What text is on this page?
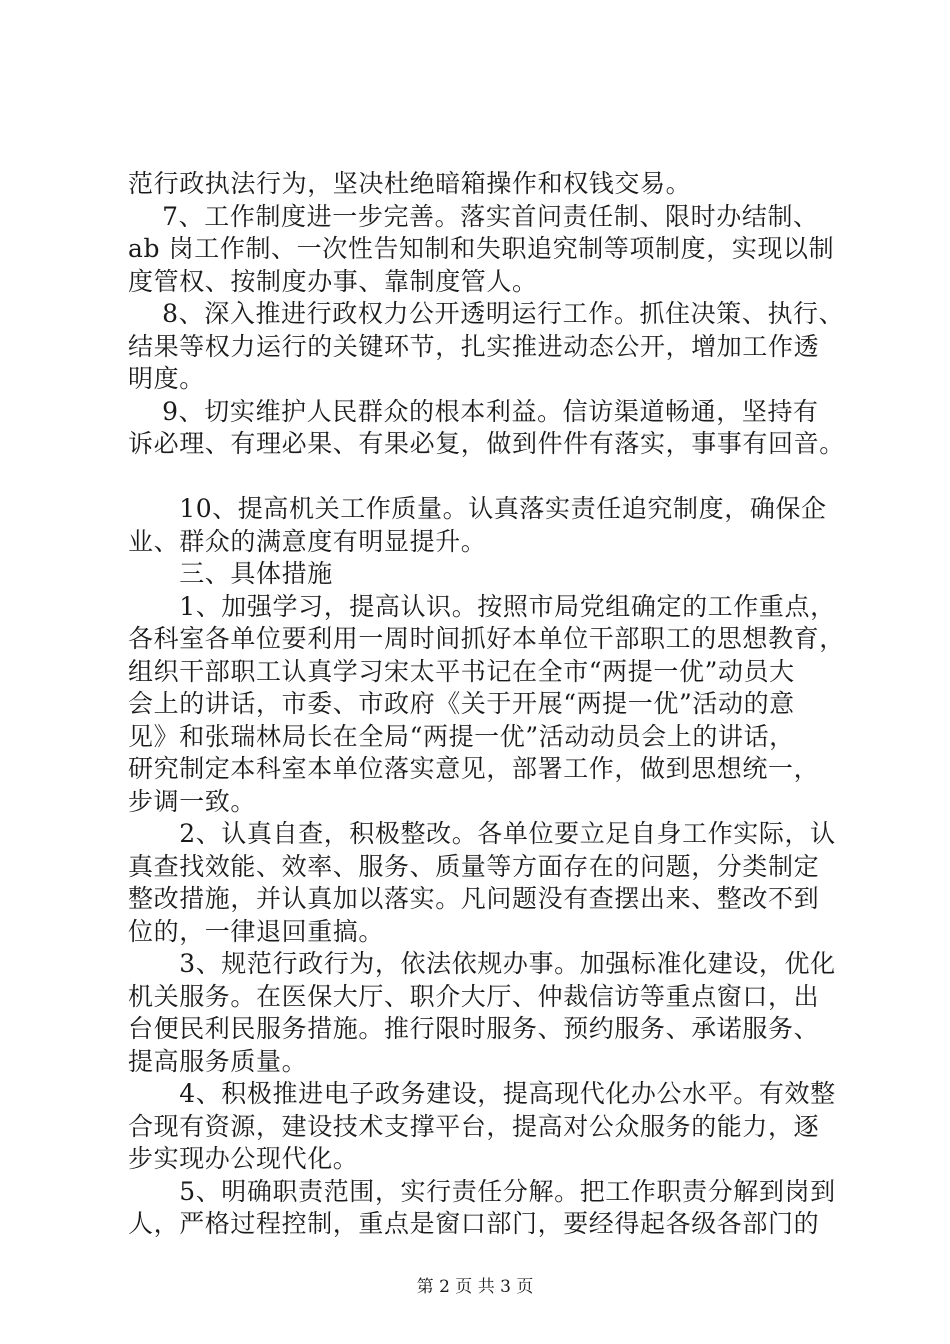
范行政执法行为，坚决杜绝暗箱操作和权钱交易。
　 7、工作制度进一步完善。落实首问责任制、限时办结制、
ab 岗工作制、一次性告知制和失职追究制等项制度，实现以制
度管权、按制度办事、靠制度管人。
　 8、深入推进行政权力公开透明运行工作。抓住决策、执行、
结果等权力运行的关键环节，扎实推进动态公开，增加工作透
明度。
　 9、切实维护人民群众的根本利益。信访渠道畅通，坚持有
诉必理、有理必果、有果必复，做到件件有落实，事事有回音。
　　10、提高机关工作质量。认真落实责任追究制度，确保企
业、群众的满意度有明显提升。
　　三、具体措施
　　1、加强学习，提高认识。按照市局党组确定的工作重点，
各科室各单位要利用一周时间抓好本单位干部职工的思想教育，
组织干部职工认真学习宋太平书记在全市“两提一优”动员大
会上的讲话，市委、市政府《关于开展“两提一优”活动的意
见》和张瑞林局长在全局“两提一优”活动动员会上的讲话，
研究制定本科室本单位落实意见，部署工作，做到思想统一，
步调一致。
　　2、认真自查，积极整改。各单位要立足自身工作实际，认
真查找效能、效率、服务、质量等方面存在的问题，分类制定
整改措施，并认真加以落实。凡问题没有查摆出来、整改不到
位的，一律退回重搞。
　　3、规范行政行为，依法依规办事。加强标准化建设，优化
机关服务。在医保大厅、职介大厅、仲裁信访等重点窗口，出
台便民利民服务措施。推行限时服务、预约服务、承诺服务、
提高服务质量。
　　4、积极推进电子政务建设，提高现代化办公水平。有效整
合现有资源，建设技术支撑平台，提高对公众服务的能力，逐
步实现办公现代化。
　　5、明确职责范围，实行责任分解。把工作职责分解到岗到
人，严格过程控制，重点是窗口部门，要经得起各级各部门的
第 2 页 共 3 页
